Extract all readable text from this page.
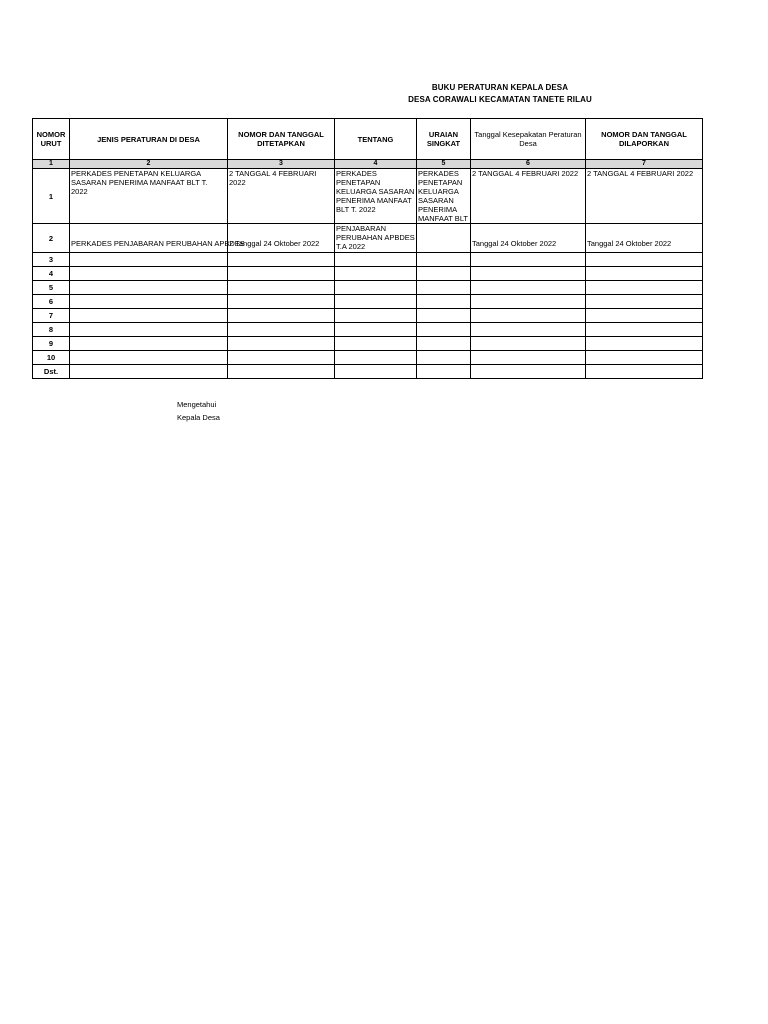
BUKU PERATURAN KEPALA DESA
DESA CORAWALI KECAMATAN TANETE RILAU
NOMOR URUT	JENIS PERATURAN DI DESA	NOMOR DAN TANGGAL DITETAPKAN	TENTANG	URAIAN SINGKAT	Tanggal Kesepakatan Peraturan Desa	NOMOR DAN TANGGAL DILAPORKAN
1	2	3	4	5	6	7
1	PERKADES PENETAPAN KELUARGA SASARAN PENERIMA MANFAAT BLT T. 2022	2 TANGGAL 4 FEBRUARI 2022	PERKADES PENETAPAN KELUARGA SASARAN PENERIMA MANFAAT BLT T. 2022	PERKADES PENETAPAN KELUARGA SASARAN PENERIMA MANFAAT BLT	2 TANGGAL 4 FEBRUARI 2022	2 TANGGAL 4 FEBRUARI 2022
2	PERKADES PENJABARAN PERUBAHAN APBDES	2 Tanggal 24 Oktober 2022	PENJABARAN PERUBAHAN APBDES T.A 2022		Tanggal 24 Oktober 2022	Tanggal 24 Oktober 2022
3						
4						
5						
6						
7						
8						
9						
10						
Dst.						
Mengetahui
Kepala Desa
